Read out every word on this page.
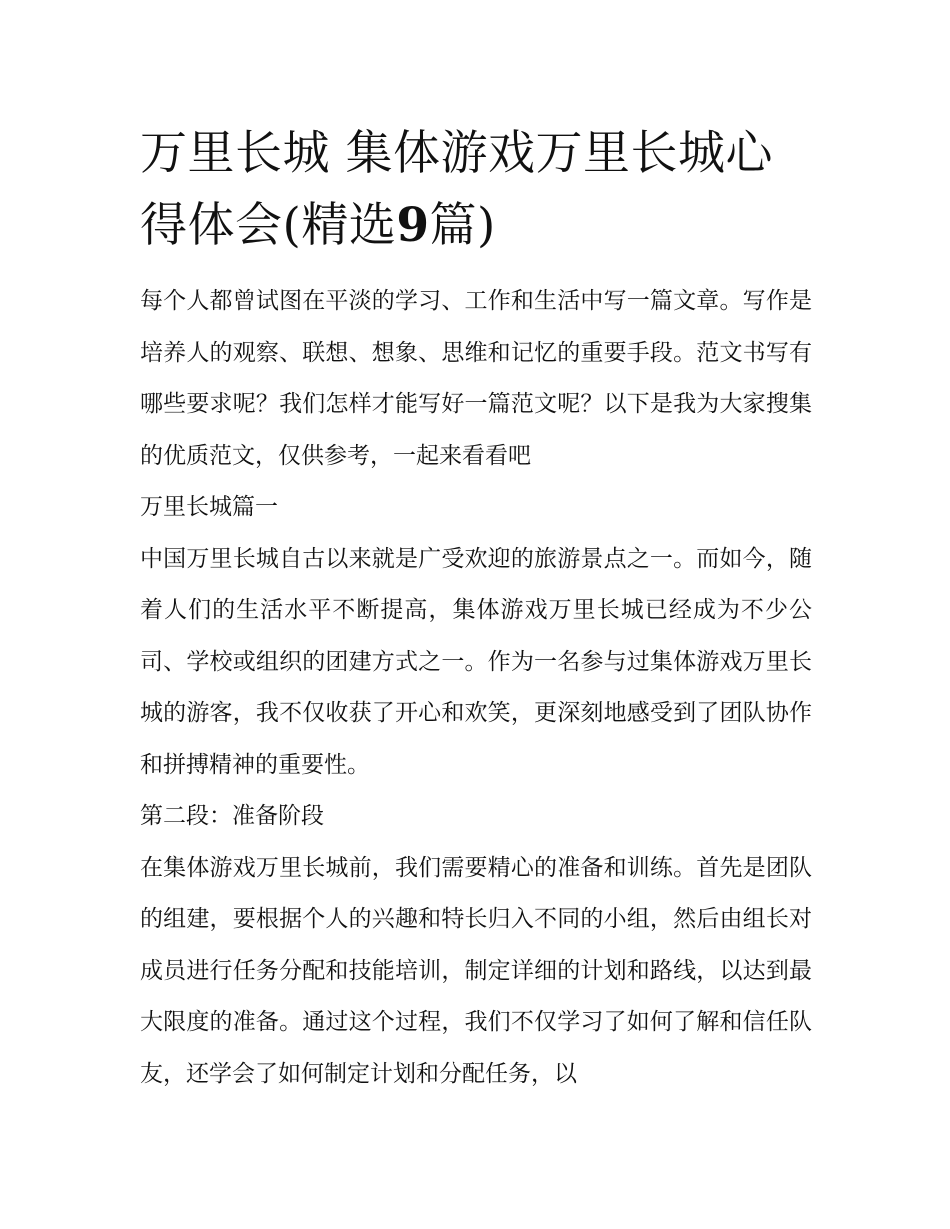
万里长城 集体游戏万里长城心
得体会(精选9篇)

每个人都曾试图在平淡的学习、工作和生活中写一篇文章。写作是培养人的观察、联想、想象、思维和记忆的重要手段。范文书写有哪些要求呢？我们怎样才能写好一篇范文呢？以下是我为大家搜集的优质范文，仅供参考，一起来看看吧

万里长城篇一

中国万里长城自古以来就是广受欢迎的旅游景点之一。而如今，随着人们的生活水平不断提高，集体游戏万里长城已经成为不少公司、学校或组织的团建方式之一。作为一名参与过集体游戏万里长城的游客，我不仅收获了开心和欢笑，更深刻地感受到了团队协作和拼搏精神的重要性。

第二段：准备阶段

在集体游戏万里长城前，我们需要精心的准备和训练。首先是团队的组建，要根据个人的兴趣和特长归入不同的小组，然后由组长对成员进行任务分配和技能培训，制定详细的计划和路线，以达到最大限度的准备。通过这个过程，我们不仅学习了如何了解和信任队友，还学会了如何制定计划和分配任务，以
